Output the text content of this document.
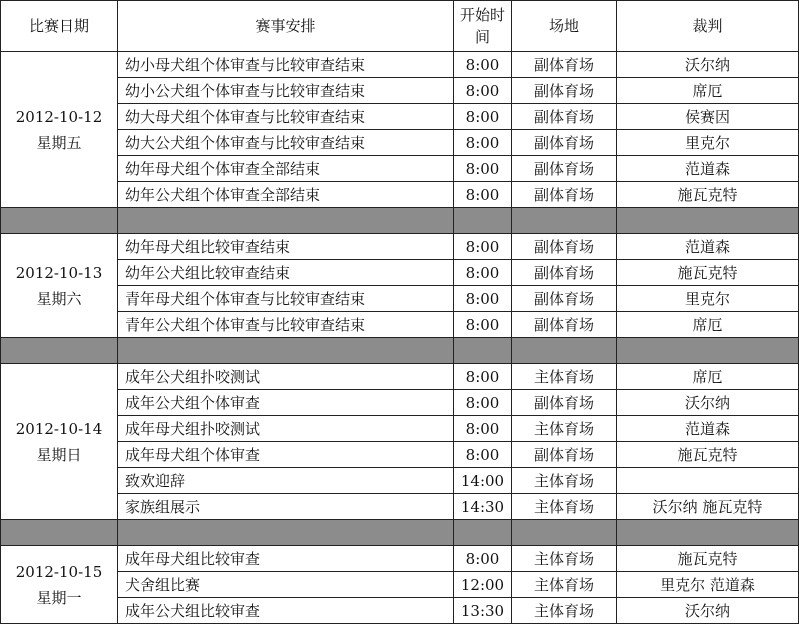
比赛日期	赛事安排	开始时间	场地	裁判

2012-10-12
星期五	幼小母犬组个体审查与比较审查结束	8:00	副体育场	沃尔纳
	幼小公犬组个体审查与比较审查结束	8:00	副体育场	席厄
	幼大母犬组个体审查与比较审查结束	8:00	副体育场	侯赛因
	幼大公犬组个体审查与比较审查结束	8:00	副体育场	里克尔
	幼年母犬组个体审查全部结束	8:00	副体育场	范道森
	幼年公犬组个体审查全部结束	8:00	副体育场	施瓦克特

2012-10-13
星期六	幼年母犬组比较审查结束	8:00	副体育场	范道森
	幼年公犬组比较审查结束	8:00	副体育场	施瓦克特
	青年母犬组个体审查与比较审查结束	8:00	副体育场	里克尔
	青年公犬组个体审查与比较审查结束	8:00	副体育场	席厄

2012-10-14
星期日	成年公犬组扑咬测试	8:00	主体育场	席厄
	成年公犬组个体审查	8:00	副体育场	沃尔纳
	成年母犬组扑咬测试	8:00	主体育场	范道森
	成年母犬组个体审查	8:00	副体育场	施瓦克特
	致欢迎辞	14:00	主体育场	
	家族组展示	14:30	主体育场	沃尔纳 施瓦克特

2012-10-15
星期一	成年母犬组比较审查	8:00	主体育场	施瓦克特
	犬舍组比赛	12:00	主体育场	里克尔 范道森
	成年公犬组比较审查	13:30	主体育场	沃尔纳
